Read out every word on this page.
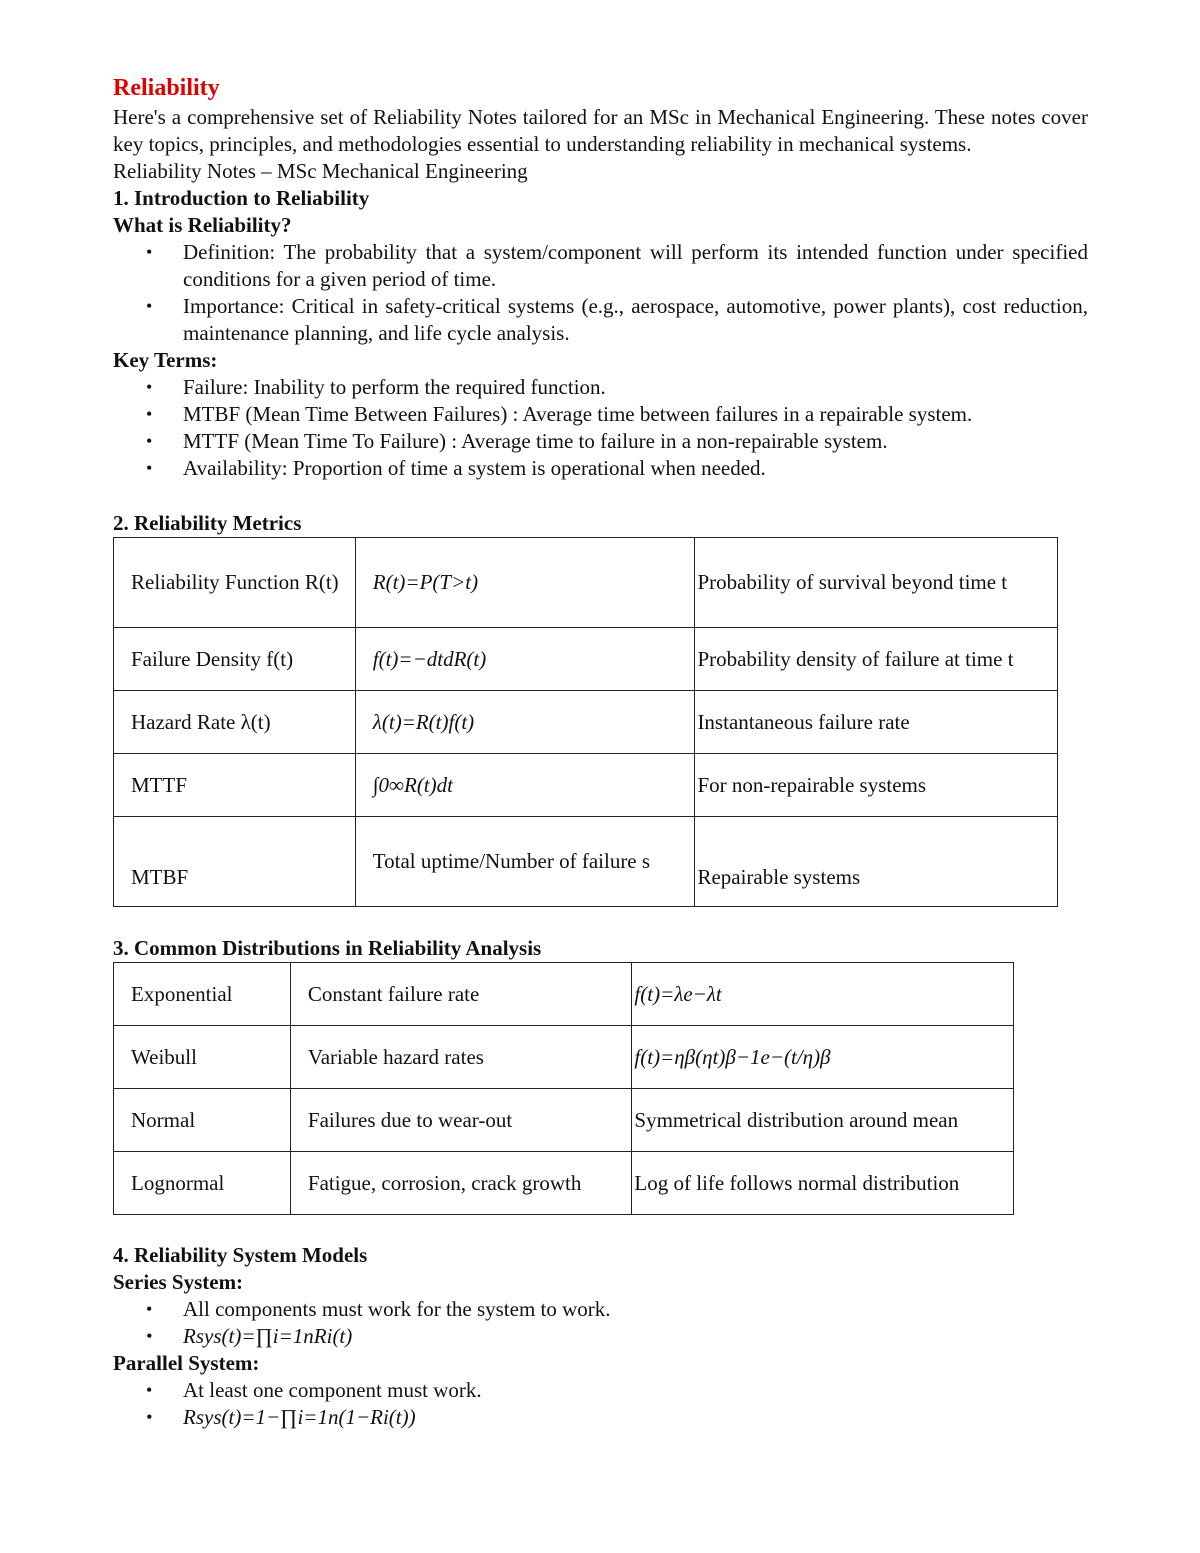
Reliability

Here's a comprehensive set of Reliability Notes tailored for an MSc in Mechanical Engineering. These notes cover key topics, principles, and methodologies essential to understanding reliability in mechanical systems.

Reliability Notes – MSc Mechanical Engineering

1. Introduction to Reliability

What is Reliability?

• Definition: The probability that a system/component will perform its intended function under specified conditions for a given period of time.
• Importance: Critical in safety-critical systems (e.g., aerospace, automotive, power plants), cost reduction, maintenance planning, and life cycle analysis.

Key Terms:

• Failure: Inability to perform the required function.
• MTBF (Mean Time Between Failures) : Average time between failures in a repairable system.
• MTTF (Mean Time To Failure) : Average time to failure in a non-repairable system.
• Availability: Proportion of time a system is operational when needed.

2. Reliability Metrics

Reliability Function R(t)	R(t)=P(T>t)	Probability of survival beyond time t
Failure Density f(t)	f(t)=−dtdR(t)	Probability density of failure at time t
Hazard Rate λ(t)	λ(t)=R(t)f(t)	Instantaneous failure rate
MTTF	∫0∞R(t)dt	For non-repairable systems
MTBF	Total uptime/Number of failure s	Repairable systems

3. Common Distributions in Reliability Analysis

Exponential	Constant failure rate	f(t)=λe−λt
Weibull	Variable hazard rates	f(t)=ηβ(ηt)β−1e−(t/η)β
Normal	Failures due to wear-out	Symmetrical distribution around mean
Lognormal	Fatigue, corrosion, crack growth	Log of life follows normal distribution

4. Reliability System Models

Series System:

• All components must work for the system to work.
• Rsys(t)=∏i=1nRi(t)

Parallel System:

• At least one component must work.
• Rsys(t)=1−∏i=1n(1−Ri(t))
